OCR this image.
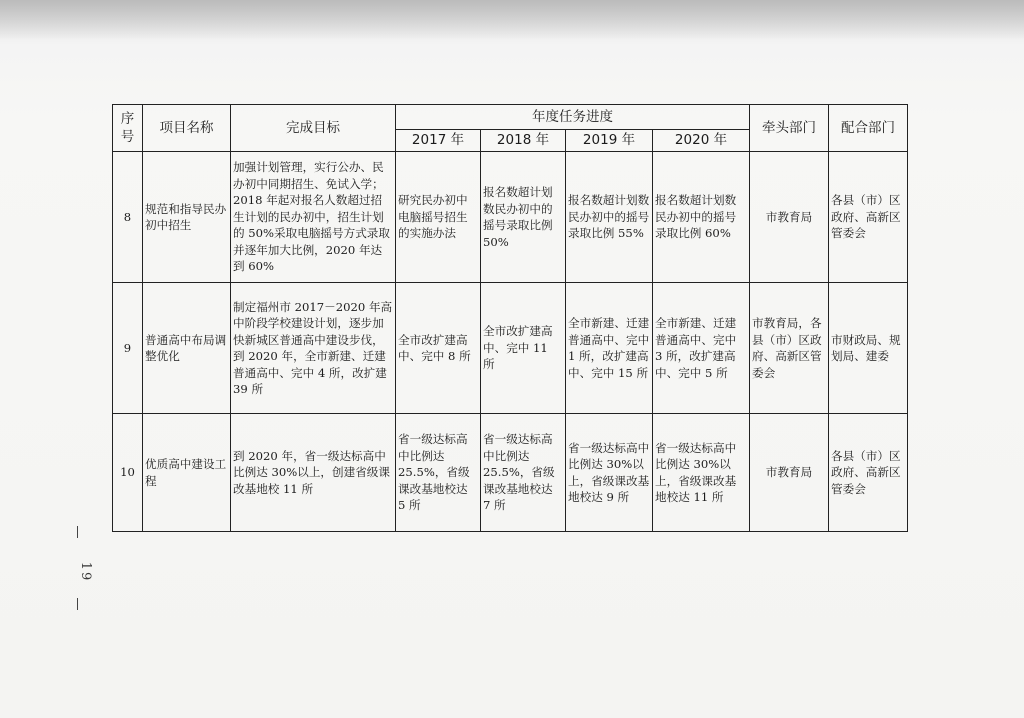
序号	项目名称	完成目标	年度任务进度				牵头部门	配合部门
			2017 年	2018 年	2019 年	2020 年		
8	规范和指导民办初中招生	加强计划管理，实行公办、民办初中同期招生、免试入学；2018 年起对报名人数超过招生计划的民办初中，招生计划的 50%采取电脑摇号方式录取并逐年加大比例，2020 年达到 60%	研究民办初中电脑摇号招生的实施办法	报名数超计划数民办初中的摇号录取比例 50%	报名数超计划数民办初中的摇号录取比例 55%	报名数超计划数民办初中的摇号录取比例 60%	市教育局	各县（市）区政府、高新区管委会
9	普通高中布局调整优化	制定福州市 2017－2020 年高中阶段学校建设计划，逐步加快新城区普通高中建设步伐，到 2020 年，全市新建、迁建普通高中、完中 4 所，改扩建 39 所	全市改扩建高中、完中 8 所	全市改扩建高中、完中 11 所	全市新建、迁建普通高中、完中 1 所，改扩建高中、完中 15 所	全市新建、迁建普通高中、完中 3 所，改扩建高中、完中 5 所	市教育局，各县（市）区政府、高新区管委会	市财政局、规划局、建委
10	优质高中建设工程	到 2020 年，省一级达标高中比例达 30%以上，创建省级课改基地校 11 所	省一级达标高中比例达 25.5%，省级课改基地校达 5 所	省一级达标高中比例达 25.5%，省级课改基地校达 7 所	省一级达标高中比例达 30%以上，省级课改基地校达 9 所	省一级达标高中比例达 30%以上，省级课改基地校达 11 所	市教育局	各县（市）区政府、高新区管委会
19
